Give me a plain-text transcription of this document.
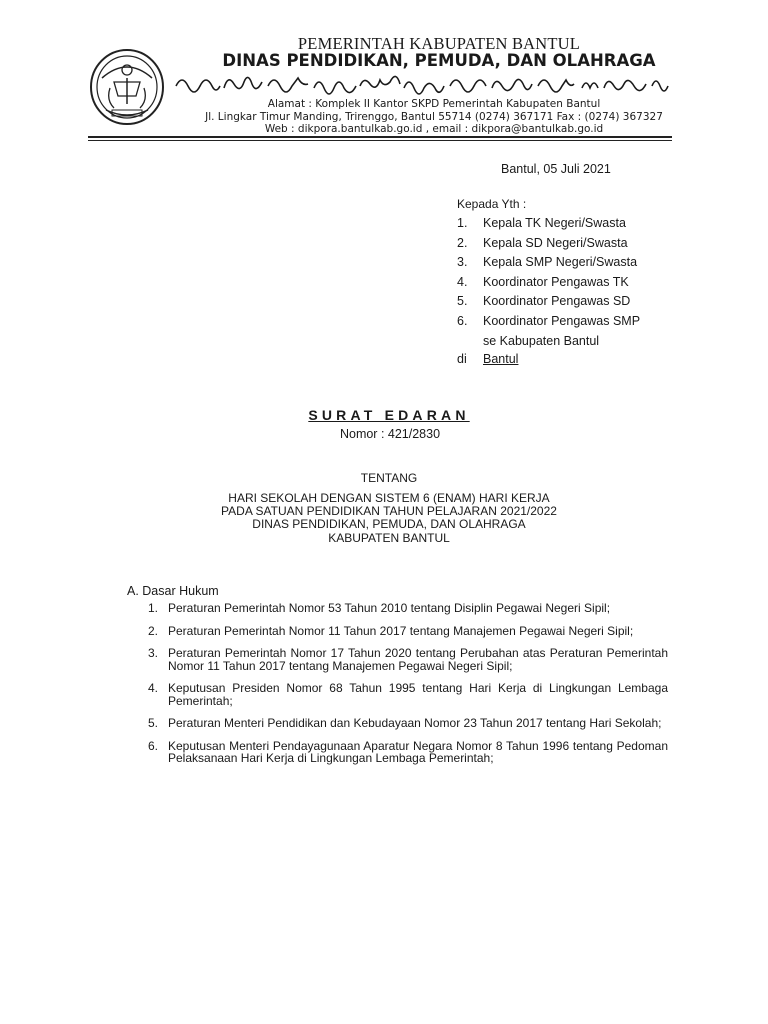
PEMERINTAH KABUPATEN BANTUL
DINAS PENDIDIKAN, PEMUDA, DAN OLAHRAGA
Alamat : Komplek II Kantor SKPD Pemerintah Kabupaten Bantul
Jl. Lingkar Timur Manding, Trirenggo, Bantul 55714 (0274) 367171 Fax : (0274) 367327
Web : dikpora.bantulkab.go.id , email : dikpora@bantulkab.go.id
Bantul, 05 Juli 2021
Kepada Yth :
1.	Kepala TK Negeri/Swasta
2.	Kepala SD Negeri/Swasta
3.	Kepala SMP Negeri/Swasta
4.	Koordinator Pengawas TK
5.	Koordinator Pengawas SD
6.	Koordinator Pengawas SMP
se Kabupaten Bantul
di Bantul
SURAT EDARAN
Nomor : 421/2830
TENTANG
HARI SEKOLAH DENGAN SISTEM 6 (ENAM) HARI KERJA
PADA SATUAN PENDIDIKAN TAHUN PELAJARAN 2021/2022
DINAS PENDIDIKAN, PEMUDA, DAN OLAHRAGA
KABUPATEN BANTUL
A. Dasar Hukum
1. Peraturan Pemerintah Nomor 53 Tahun 2010 tentang Disiplin Pegawai Negeri Sipil;
2. Peraturan Pemerintah Nomor 11 Tahun 2017 tentang Manajemen Pegawai Negeri Sipil;
3. Peraturan Pemerintah Nomor 17 Tahun 2020 tentang Perubahan atas Peraturan Pemerintah Nomor 11 Tahun 2017 tentang Manajemen Pegawai Negeri Sipil;
4. Keputusan Presiden Nomor 68 Tahun 1995 tentang Hari Kerja di Lingkungan Lembaga Pemerintah;
5. Peraturan Menteri Pendidikan dan Kebudayaan Nomor 23 Tahun 2017 tentang Hari Sekolah;
6. Keputusan Menteri Pendayagunaan Aparatur Negara Nomor 8 Tahun 1996 tentang Pedoman Pelaksanaan Hari Kerja di Lingkungan Lembaga Pemerintah;
